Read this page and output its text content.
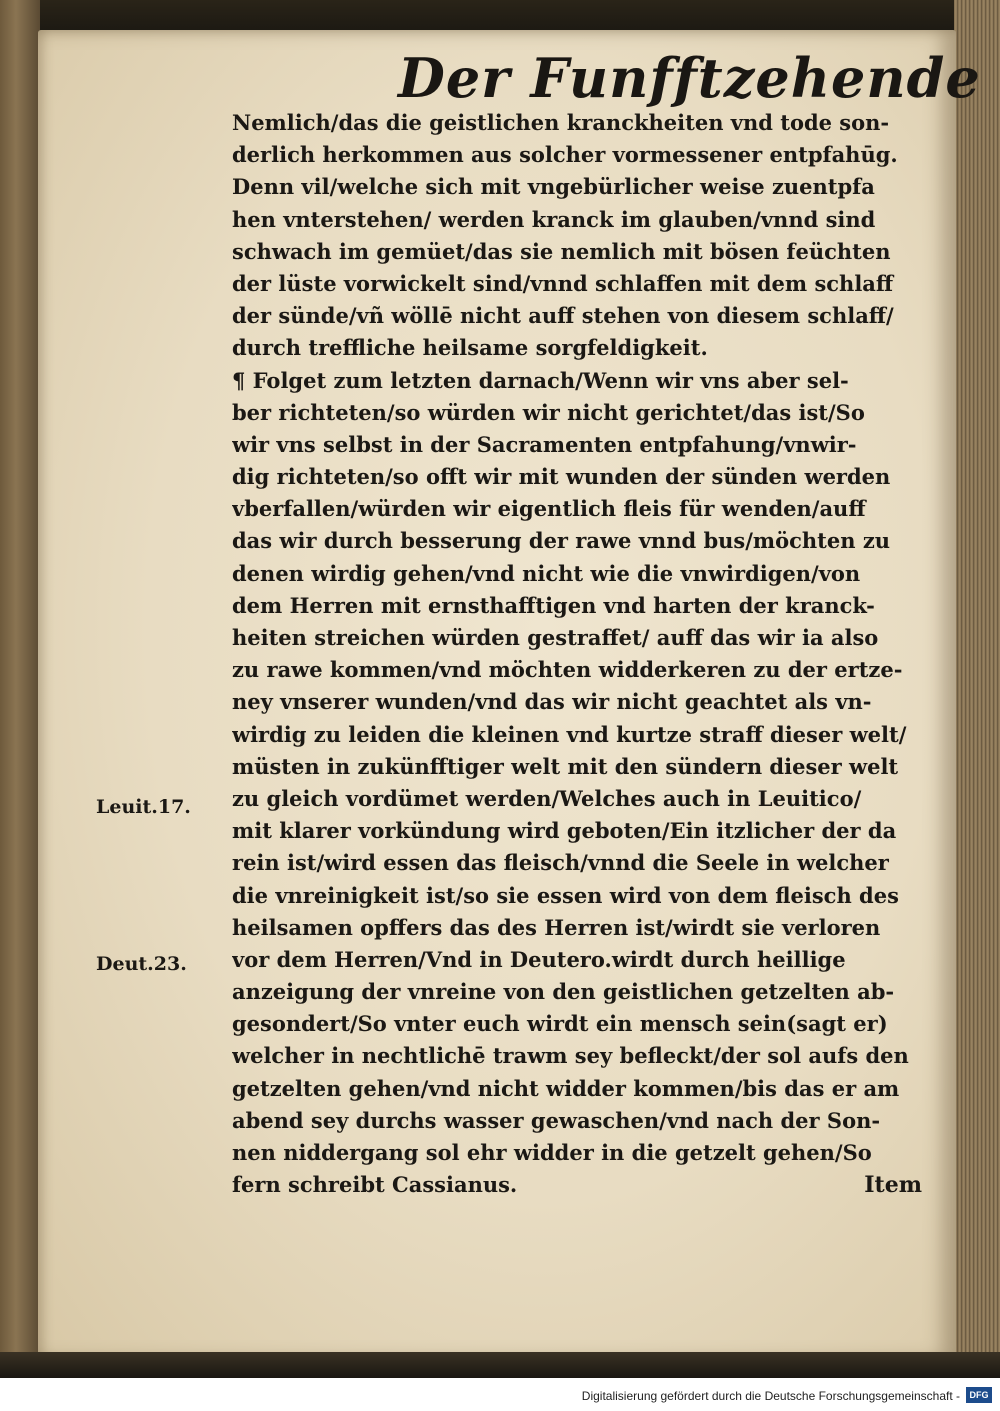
Der Funfftzehende
Nemlich/das die geistlichen kranckheiten vnd tode son-
derlich herkommen aus solcher vormessener entpfahūg.
Denn vil/welche sich mit vngebürlicher weise zuentpfa
hen vnterstehen/ werden kranck im glauben/vnnd sind
schwach im gemüet/das sie nemlich mit bösen feüchten
der lüste vorwickelt sind/vnnd schlaffen mit dem schlaff
der sünde/vñ wöllē nicht auff stehen von diesem schlaff/
durch treffliche heilsame sorgfeldigkeit.
¶ Folget zum letzten darnach/Wenn wir vns aber sel-
ber richteten/so würden wir nicht gerichtet/das ist/So
wir vns selbst in der Sacramenten entpfahung/vnwir-
dig richteten/so offt wir mit wunden der sünden werden
vberfallen/würden wir eigentlich fleis für wenden/auff
das wir durch besserung der rawe vnnd bus/möchten zu
denen wirdig gehen/vnd nicht wie die vnwirdigen/von
dem Herren mit ernsthafftigen vnd harten der kranck-
heiten streichen würden gestraffet/ auff das wir ia also
zu rawe kommen/vnd möchten widderkeren zu der ertze-
ney vnserer wunden/vnd das wir nicht geachtet als vn-
wirdig zu leiden die kleinen vnd kurtze straff dieser welt/
müsten in zukünfftiger welt mit den sündern dieser welt
zu gleich vordümet werden/Welches auch in Leuitico/
mit klarer vorkündung wird geboten/Ein itzlicher der da
rein ist/wird essen das fleisch/vnnd die Seele in welcher
die vnreinigkeit ist/so sie essen wird von dem fleisch des
heilsamen opffers das des Herren ist/wirdt sie verloren
vor dem Herren/Vnd in Deutero.wirdt durch heillige
anzeigung der vnreine von den geistlichen getzelten ab-
gesondert/So vnter euch wirdt ein mensch sein(sagt er)
welcher in nechtlichē trawm sey befleckt/der sol aufs den
getzelten gehen/vnd nicht widder kommen/bis das er am
abend sey durchs wasser gewaschen/vnd nach der Son-
nen niddergang sol ehr widder in die getzelt gehen/So
fern schreibt Cassianus.
Leuit.17.
Deut.23.
Item
Digitalisierung gefördert durch die Deutsche Forschungsgemeinschaft -	DFG
